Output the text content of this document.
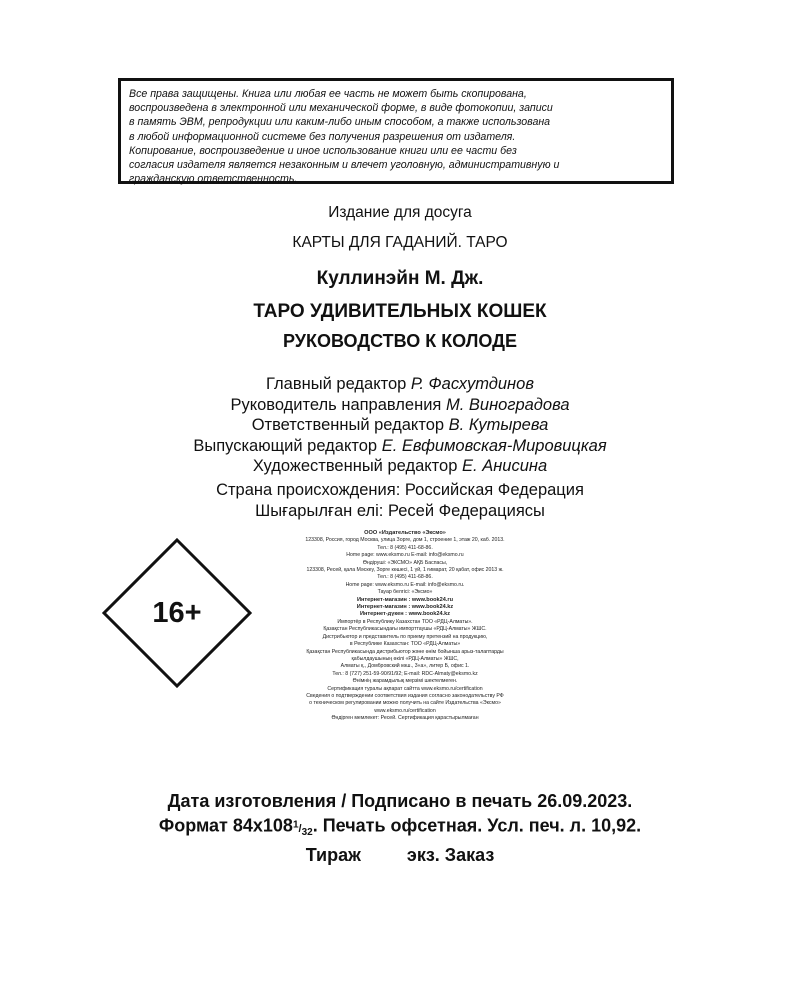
Все права защищены. Книга или любая ее часть не может быть скопирована,
воспроизведена в электронной или механической форме, в виде фотокопии, записи
в память ЭВМ, репродукции или каким-либо иным способом, а также использована
в любой информационной системе без получения разрешения от издателя.
Копирование, воспроизведение и иное использование книги или ее части без
согласия издателя является незаконным и влечет уголовную, административную и
гражданскую ответственность.
Издание для досуга
КАРТЫ ДЛЯ ГАДАНИЙ. ТАРО
Куллинэйн М. Дж.
ТАРО УДИВИТЕЛЬНЫХ КОШЕК
РУКОВОДСТВО К КОЛОДЕ
Главный редактор Р. Фасхутдинов
Руководитель направления М. Виноградова
Ответственный редактор В. Кутырева
Выпускающий редактор Е. Евфимовская-Мировицкая
Художественный редактор Е. Анисина
Страна происхождения: Российская Федерация
Шығарылған елі: Ресей Федерациясы
16+
ООО «Издательство «Эксмо»
123308, Россия, город Москва, улица Зорге, дом 1, строение 1, этаж 20, каб. 2013.
Тел.: 8 (495) 411-68-86.
Home page: www.eksmo.ru E-mail: info@eksmo.ru
Өндіруші: «ЭКСМО» АҚБ Баспасы,
123308, Ресей, қала Мәскеу, Зорге көшесі, 1 үй, 1 ғимарат, 20 қабат, офис 2013 ж.
Тел.: 8 (495) 411-68-86.
Home page: www.eksmo.ru E-mail: info@eksmo.ru.
Тауар белгісі: «Эксмо»
Интернет-магазин : www.book24.ru
Интернет-магазин : www.book24.kz
Интернет-дүкен : www.book24.kz
Импортёр в Республику Казахстан ТОО «РДЦ-Алматы».
Қазақстан Республикасындағы импорттаушы «РДЦ-Алматы» ЖШС.
Дистрибьютор и представитель по приему претензий на продукцию,
в Республике Казахстан: ТОО «РДЦ-Алматы»
Қазақстан Республикасында дистрибьютор және өнім бойынша арыз-талаптарды
қабылдаушының өкілі «РДЦ-Алматы» ЖШС,
Алматы қ., Домбровский көш., 3«а», литер Б, офис 1.
Тел.: 8 (727) 251-59-90/91/92; E-mail: RDC-Almaty@eksmo.kz
Өнімнің жарамдылық мерзімі шектелмеген.
Сертификация туралы ақпарат сайтта www.eksmo.ru/certification
Сведения о подтверждении соответствия издания согласно законодательству РФ
о техническом регулировании можно получить на сайте Издательства «Эксмо»
www.eksmo.ru/certification
Өндірген мемлекет: Ресей. Сертификация қарастырылмаған
Дата изготовления / Подписано в печать 26.09.2023.
Формат $84x108^1/_{32}$. Печать офсетная. Усл. печ. л. 10,92.
Тираж	экз. Заказ
